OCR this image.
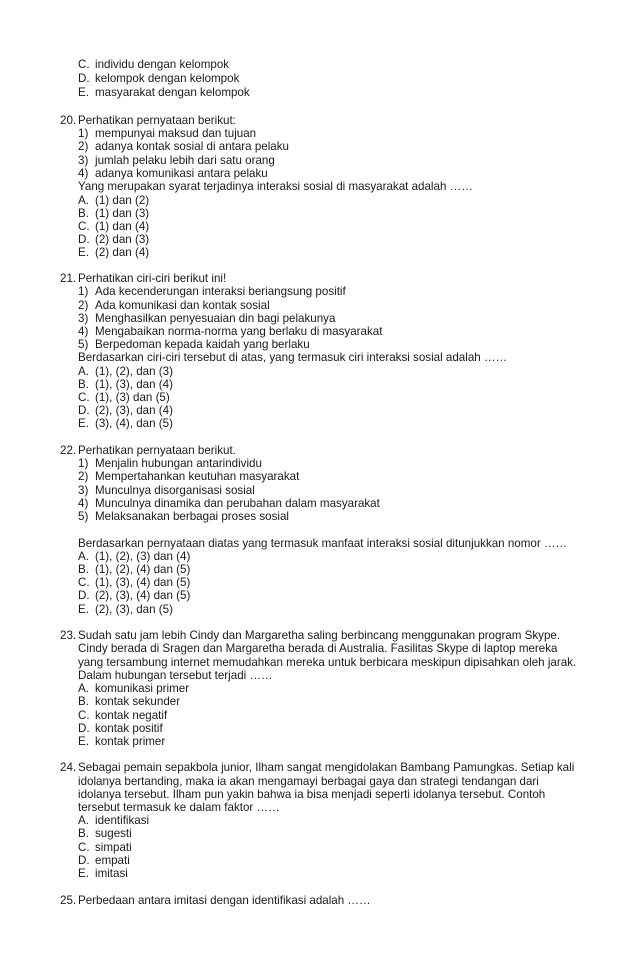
C. individu dengan kelompok
D. kelompok dengan kelompok
E. masyarakat dengan kelompok
20. Perhatikan pernyataan berikut:
1) mempunyai maksud dan tujuan
2) adanya kontak sosial di antara pelaku
3) jumlah pelaku lebih dari satu orang
4) adanya komunikasi antara pelaku
Yang merupakan syarat terjadinya interaksi sosial di masyarakat adalah ……
A. (1) dan (2)
B. (1) dan (3)
C. (1) dan (4)
D. (2) dan (3)
E. (2) dan (4)
21. Perhatikan ciri-ciri berikut ini!
1) Ada kecenderungan interaksi beriangsung positif
2) Ada komunikasi dan kontak sosial
3) Menghasilkan penyesuaian din bagi pelakunya
4) Mengabaikan norma-norma yang berlaku di masyarakat
5) Berpedoman kepada kaidah yang berlaku
Berdasarkan ciri-ciri tersebut di atas, yang termasuk ciri interaksi sosial adalah ……
A. (1), (2), dan (3)
B. (1), (3), dan (4)
C. (1), (3) dan (5)
D. (2), (3), dan (4)
E. (3), (4), dan (5)
22. Perhatikan pernyataan berikut.
1) Menjalin hubungan antarindividu
2) Mempertahankan keutuhan masyarakat
3) Munculnya disorganisasi sosial
4) Munculnya dinamika dan perubahan dalam masyarakat
5) Melaksanakan berbagai proses sosial
Berdasarkan pernyataan diatas yang termasuk manfaat interaksi sosial ditunjukkan nomor ……
A. (1), (2), (3) dan (4)
B. (1), (2), (4) dan (5)
C. (1), (3), (4) dan (5)
D. (2), (3), (4) dan (5)
E. (2), (3), dan (5)
23. Sudah satu jam lebih Cindy dan Margaretha saling berbincang menggunakan program Skype.
Cindy berada di Sragen dan Margaretha berada di Australia. Fasilitas Skype di laptop mereka
yang tersambung internet memudahkan mereka untuk berbicara meskipun dipisahkan oleh jarak.
Dalam hubungan tersebut terjadi ……
A. komunikasi primer
B. kontak sekunder
C. kontak negatif
D. kontak positif
E. kontak primer
24. Sebagai pemain sepakbola junior, Ilham sangat mengidolakan Bambang Pamungkas. Setiap kali
idolanya bertanding, maka ia akan mengamayi berbagai gaya dan strategi tendangan dari
idolanya tersebut. Ilham pun yakin bahwa ia bisa menjadi seperti idolanya tersebut. Contoh
tersebut termasuk ke dalam faktor ……
A. identifikasi
B. sugesti
C. simpati
D. empati
E. imitasi
25. Perbedaan antara imitasi dengan identifikasi adalah ……
